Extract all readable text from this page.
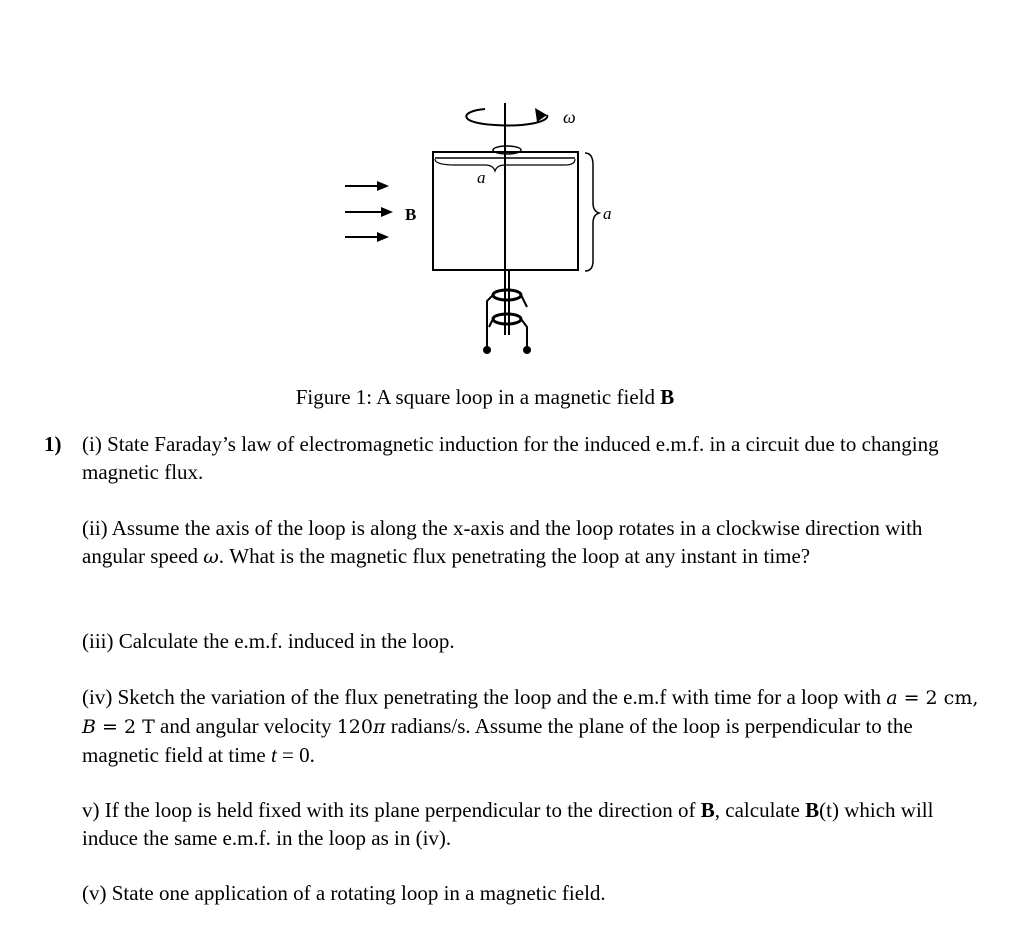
ω
a
a
B
Figure 1: A square loop in a magnetic field B
1) (i) State Faraday’s law of electromagnetic induction for the induced e.m.f. in a circuit due to changing magnetic flux.
(ii) Assume the axis of the loop is along the x-axis and the loop rotates in a clockwise direction with angular speed ω. What is the magnetic flux penetrating the loop at any instant in time?
(iii) Calculate the e.m.f. induced in the loop.
(iv) Sketch the variation of the flux penetrating the loop and the e.m.f with time for a loop with a = 2 cm, B = 2 T and angular velocity 120π radians/s. Assume the plane of the loop is perpendicular to the magnetic field at time t = 0.
v) If the loop is held fixed with its plane perpendicular to the direction of B, calculate B(t) which will induce the same e.m.f. in the loop as in (iv).
(v) State one application of a rotating loop in a magnetic field.
